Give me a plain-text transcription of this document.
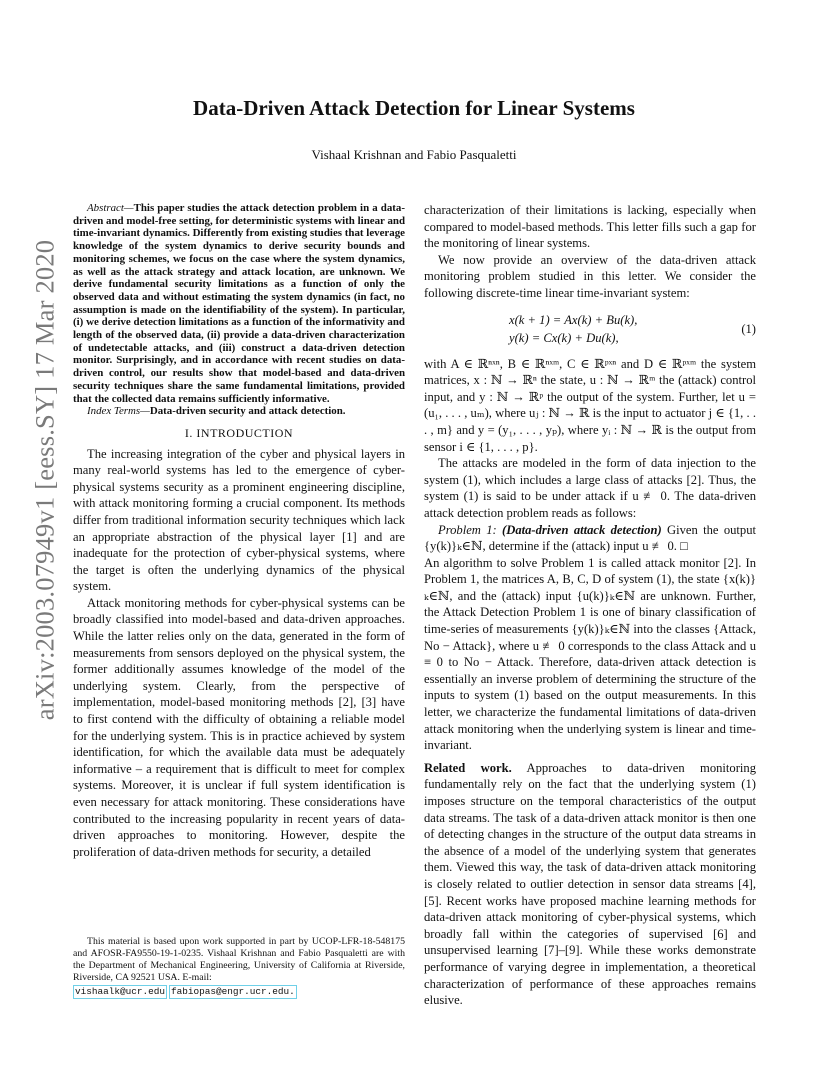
arXiv:2003.07949v1 [eess.SY] 17 Mar 2020
Data-Driven Attack Detection for Linear Systems
Vishaal Krishnan and Fabio Pasqualetti

Abstract—This paper studies the attack detection problem in a data-driven and model-free setting, for deterministic systems with linear and time-invariant dynamics. Differently from existing studies that leverage knowledge of the system dynamics to derive security bounds and monitoring schemes, we focus on the case where the system dynamics, as well as the attack strategy and attack location, are unknown. We derive fundamental security limitations as a function of only the observed data and without estimating the system dynamics (in fact, no assumption is made on the identifiability of the system). In particular, (i) we derive detection limitations as a function of the informativity and length of the observed data, (ii) provide a data-driven characterization of undetectable attacks, and (iii) construct a data-driven detection monitor. Surprisingly, and in accordance with recent studies on data-driven control, our results show that model-based and data-driven security techniques share the same fundamental limitations, provided that the collected data remains sufficiently informative.

Index Terms—Data-driven security and attack detection.

I. INTRODUCTION

The increasing integration of the cyber and physical layers in many real-world systems has led to the emergence of cyber-physical systems security as a prominent engineering discipline, with attack monitoring forming a crucial component. Its methods differ from traditional information security techniques which lack an appropriate abstraction of the physical layer [1] and are inadequate for the protection of cyber-physical systems, where the target is often the underlying dynamics of the physical system.

Attack monitoring methods for cyber-physical systems can be broadly classified into model-based and data-driven approaches. While the latter relies only on the data, generated in the form of measurements from sensors deployed on the physical system, the former additionally assumes knowledge of the model of the underlying system. Clearly, from the perspective of implementation, model-based monitoring methods [2], [3] have to first contend with the difficulty of obtaining a reliable model for the underlying system. This is in practice achieved by system identification, for which the available data must be adequately informative – a requirement that is difficult to meet for complex systems. Moreover, it is unclear if full system identification is even necessary for attack monitoring. These considerations have contributed to the increasing popularity in recent years of data-driven approaches to monitoring. However, despite the proliferation of data-driven methods for security, a detailed

characterization of their limitations is lacking, especially when compared to model-based methods. This letter fills such a gap for the monitoring of linear systems.

We now provide an overview of the data-driven attack monitoring problem studied in this letter. We consider the following discrete-time linear time-invariant system:

x(k + 1) = Ax(k) + Bu(k),
y(k) = Cx(k) + Du(k),
(1)

with A ∈ ℝⁿˣⁿ, B ∈ ℝⁿˣᵐ, C ∈ ℝᵖˣⁿ and D ∈ ℝᵖˣᵐ the system matrices, x : ℕ → ℝⁿ the state, u : ℕ → ℝᵐ the (attack) control input, and y : ℕ → ℝᵖ the output of the system. Further, let u = (u₁, . . . , uₘ), where uⱼ : ℕ → ℝ is the input to actuator j ∈ {1, . . . , m} and y = (y₁, . . . , yₚ), where yᵢ : ℕ → ℝ is the output from sensor i ∈ {1, . . . , p}.

The attacks are modeled in the form of data injection to the system (1), which includes a large class of attacks [2]. Thus, the system (1) is said to be under attack if u ≢ 0. The data-driven attack detection problem reads as follows:

Problem 1: (Data-driven attack detection) Given the output {y(k)}ₖ∈ℕ, determine if the (attack) input u ≢ 0. □

An algorithm to solve Problem 1 is called attack monitor [2]. In Problem 1, the matrices A, B, C, D of system (1), the state {x(k)}ₖ∈ℕ, and the (attack) input {u(k)}ₖ∈ℕ are unknown. Further, the Attack Detection Problem 1 is one of binary classification of time-series of measurements {y(k)}ₖ∈ℕ into the classes {Attack, No − Attack}, where u ≢ 0 corresponds to the class Attack and u ≡ 0 to No − Attack. Therefore, data-driven attack detection is essentially an inverse problem of determining the structure of the inputs to system (1) based on the output measurements. In this letter, we characterize the fundamental limitations of data-driven attack monitoring when the underlying system is linear and time-invariant.

Related work. Approaches to data-driven monitoring fundamentally rely on the fact that the underlying system (1) imposes structure on the temporal characteristics of the output data streams. The task of a data-driven attack monitor is then one of detecting changes in the structure of the output data streams in the absence of a model of the underlying system that generates them. Viewed this way, the task of data-driven attack monitoring is closely related to outlier detection in sensor data streams [4], [5]. Recent works have proposed machine learning methods for data-driven attack monitoring of cyber-physical systems, which broadly fall within the categories of supervised [6] and unsupervised learning [7]–[9]. While these works demonstrate performance of varying degree in implementation, a theoretical characterization of performance of these approaches remains elusive.

This material is based upon work supported in part by UCOP-LFR-18-548175 and AFOSR-FA9550-19-1-0235. Vishaal Krishnan and Fabio Pasqualetti are with the Department of Mechanical Engineering, University of California at Riverside, Riverside, CA 92521 USA. E-mail:

vishaalk@ucr.edu fabiopas@engr.ucr.edu.
